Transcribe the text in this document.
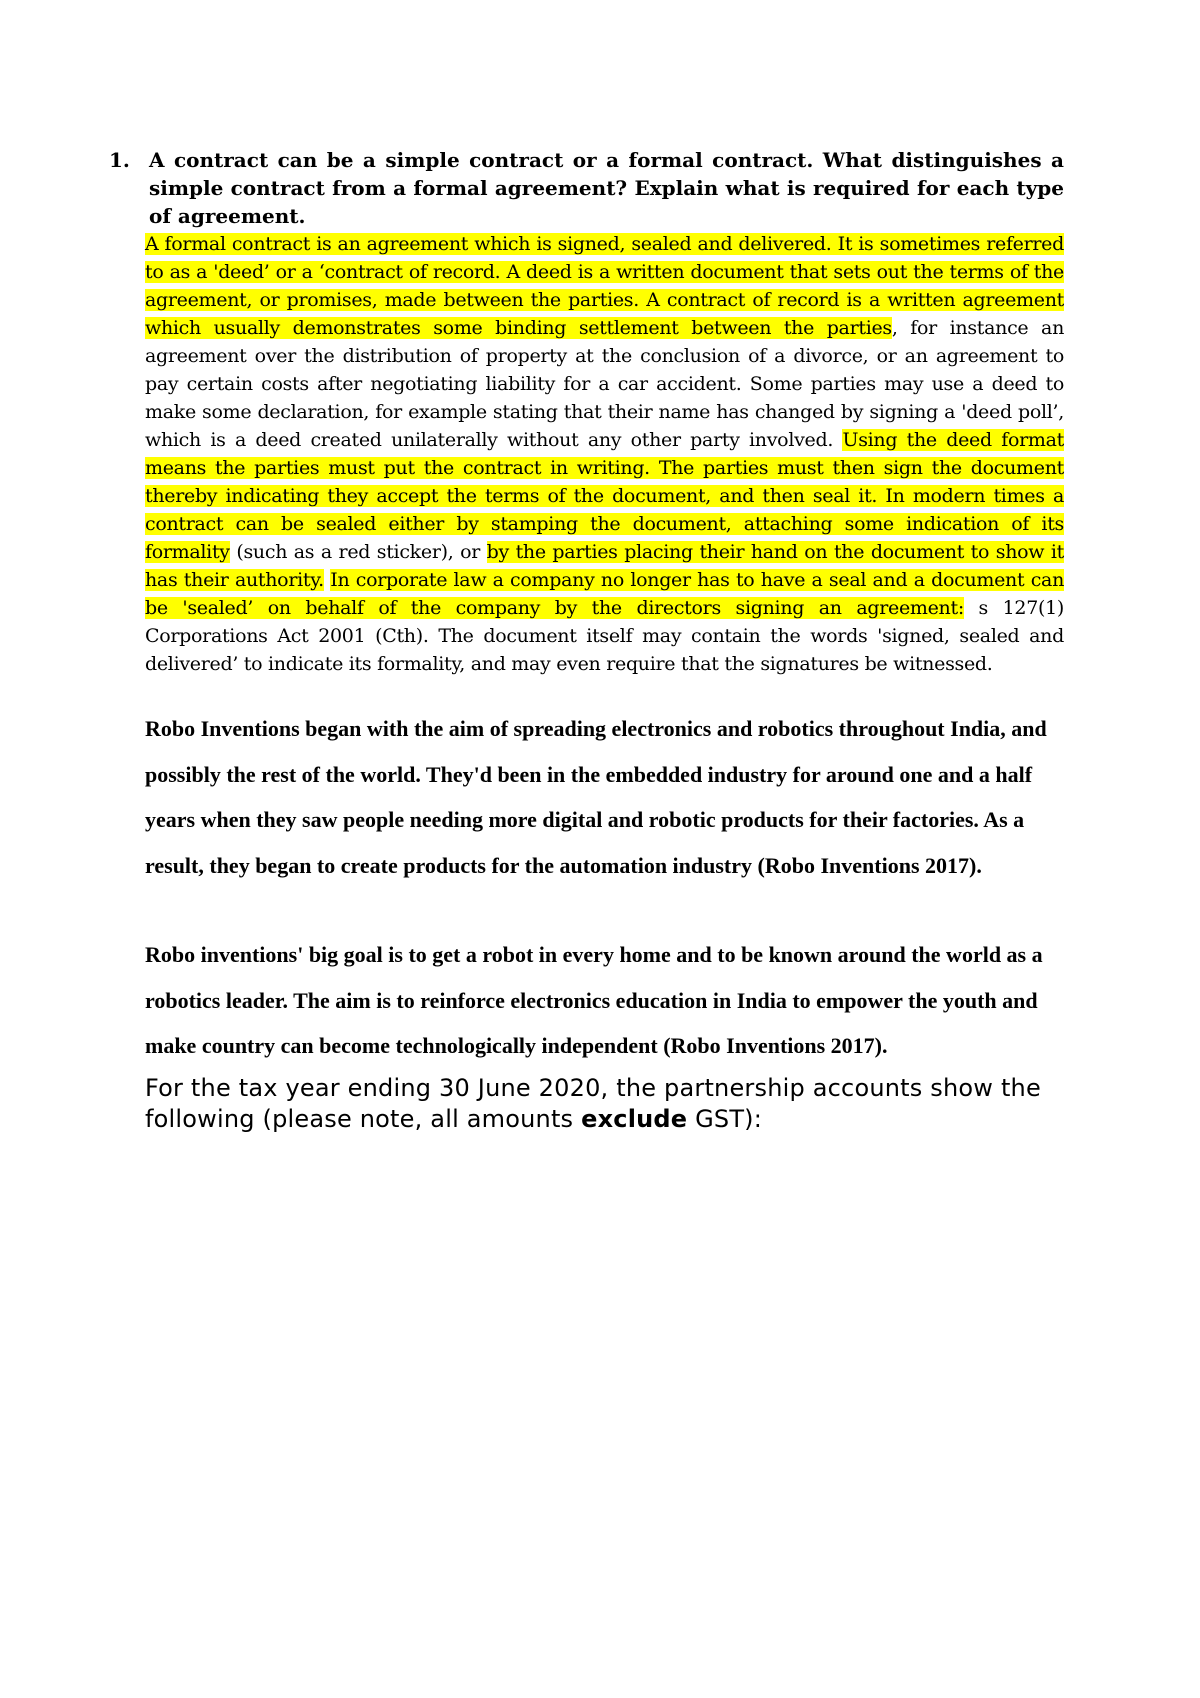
1. A contract can be a simple contract or a formal contract. What distinguishes a simple contract from a formal agreement? Explain what is required for each type of agreement.

A formal contract is an agreement which is signed, sealed and delivered. It is sometimes referred to as a 'deed’ or a ‘contract of record. A deed is a written document that sets out the terms of the agreement, or promises, made between the parties. A contract of record is a written agreement which usually demonstrates some binding settlement between the parties, for instance an agreement over the distribution of property at the conclusion of a divorce, or an agreement to pay certain costs after negotiating liability for a car accident. Some parties may use a deed to make some declaration, for example stating that their name has changed by signing a 'deed poll’, which is a deed created unilaterally without any other party involved. Using the deed format means the parties must put the contract in writing. The parties must then sign the document thereby indicating they accept the terms of the document, and then seal it. In modern times a contract can be sealed either by stamping the document, attaching some indication of its formality (such as a red sticker), or by the parties placing their hand on the document to show it has their authority. In corporate law a company no longer has to have a seal and a document can be 'sealed’ on behalf of the company by the directors signing an agreement: s 127(1) Corporations Act 2001 (Cth). The document itself may contain the words 'signed, sealed and delivered’ to indicate its formality, and may even require that the signatures be witnessed.

Robo Inventions began with the aim of spreading electronics and robotics throughout India, and possibly the rest of the world. They'd been in the embedded industry for around one and a half years when they saw people needing more digital and robotic products for their factories. As a result, they began to create products for the automation industry (Robo Inventions 2017).

Robo inventions' big goal is to get a robot in every home and to be known around the world as a robotics leader. The aim is to reinforce electronics education in India to empower the youth and make country can become technologically independent (Robo Inventions 2017).

For the tax year ending 30 June 2020, the partnership accounts show the following (please note, all amounts exclude GST):
